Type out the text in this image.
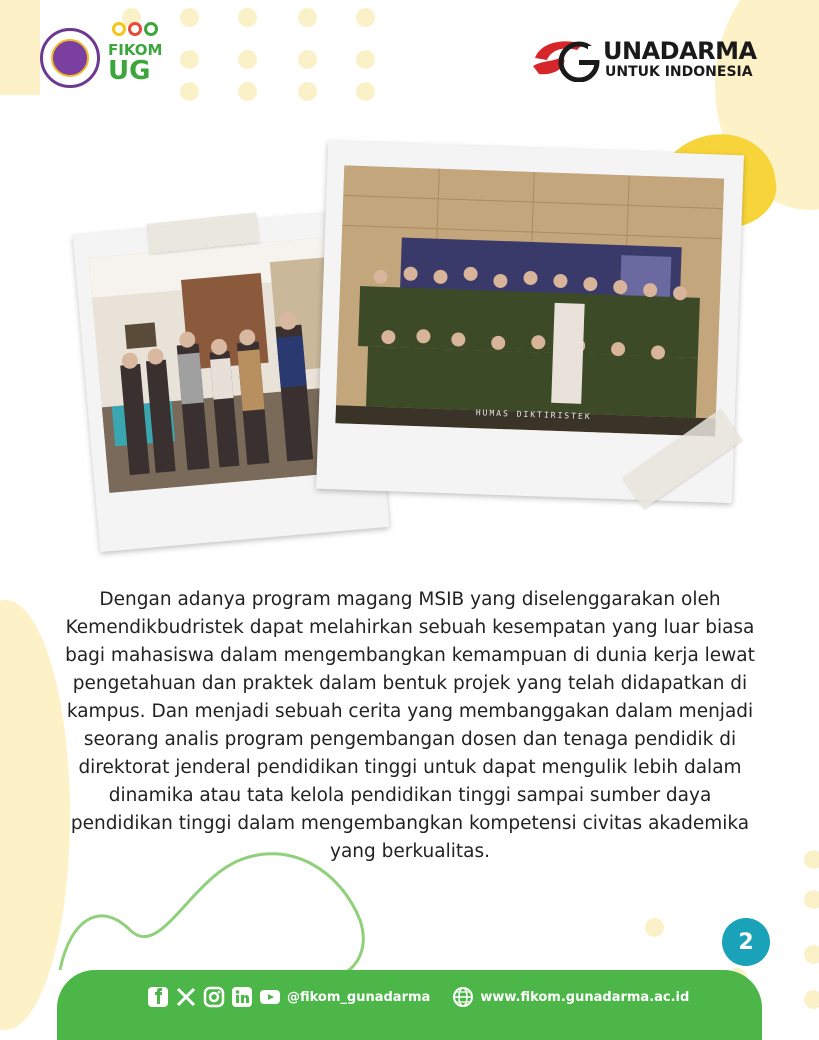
FIKOM
UG
UNADARMA
UNTUK INDONESIA
HUMAS DIKTIRISTEK
Dengan adanya program magang MSIB yang diselenggarakan oleh Kemendikbudristek dapat melahirkan sebuah kesempatan yang luar biasa bagi mahasiswa dalam mengembangkan kemampuan di dunia kerja lewat pengetahuan dan praktek dalam bentuk projek yang telah didapatkan di kampus. Dan menjadi sebuah cerita yang membanggakan dalam menjadi seorang analis program pengembangan dosen dan tenaga pendidik di direktorat jenderal pendidikan tinggi untuk dapat mengulik lebih dalam dinamika atau tata kelola pendidikan tinggi sampai sumber daya pendidikan tinggi dalam mengembangkan kompetensi civitas akademika yang berkualitas.
2
@fikom_gunadarma	www.fikom.gunadarma.ac.id
